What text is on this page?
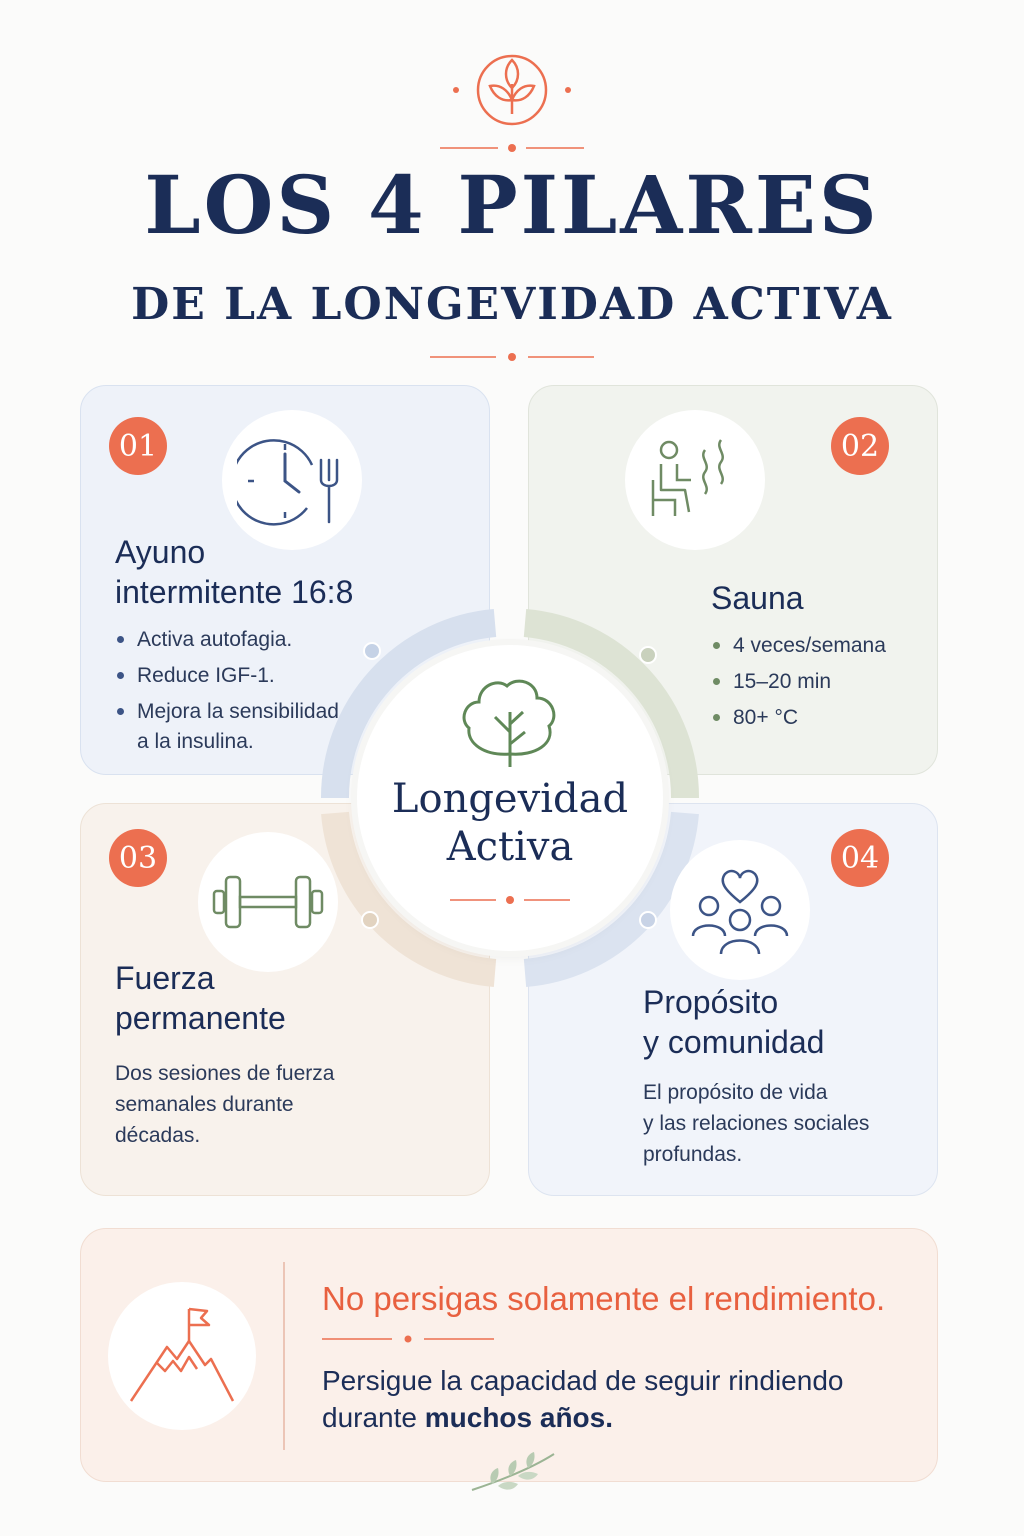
LOS 4 PILARES
DE LA LONGEVIDAD ACTIVA
Longevidad
Activa
01
Ayuno
intermitente 16:8
Activa autofagia.
Reduce IGF-1.
Mejora la sensibilidad
a la insulina.
02
Sauna
4 veces/semana
15–20 min
80+ °C
03
Fuerza
permanente
Dos sesiones de fuerza
semanales durante
décadas.
04
Propósito
y comunidad
El propósito de vida
y las relaciones sociales
profundas.
No persigas solamente el rendimiento.
Persigue la capacidad de seguir rindiendo
durante muchos años.
